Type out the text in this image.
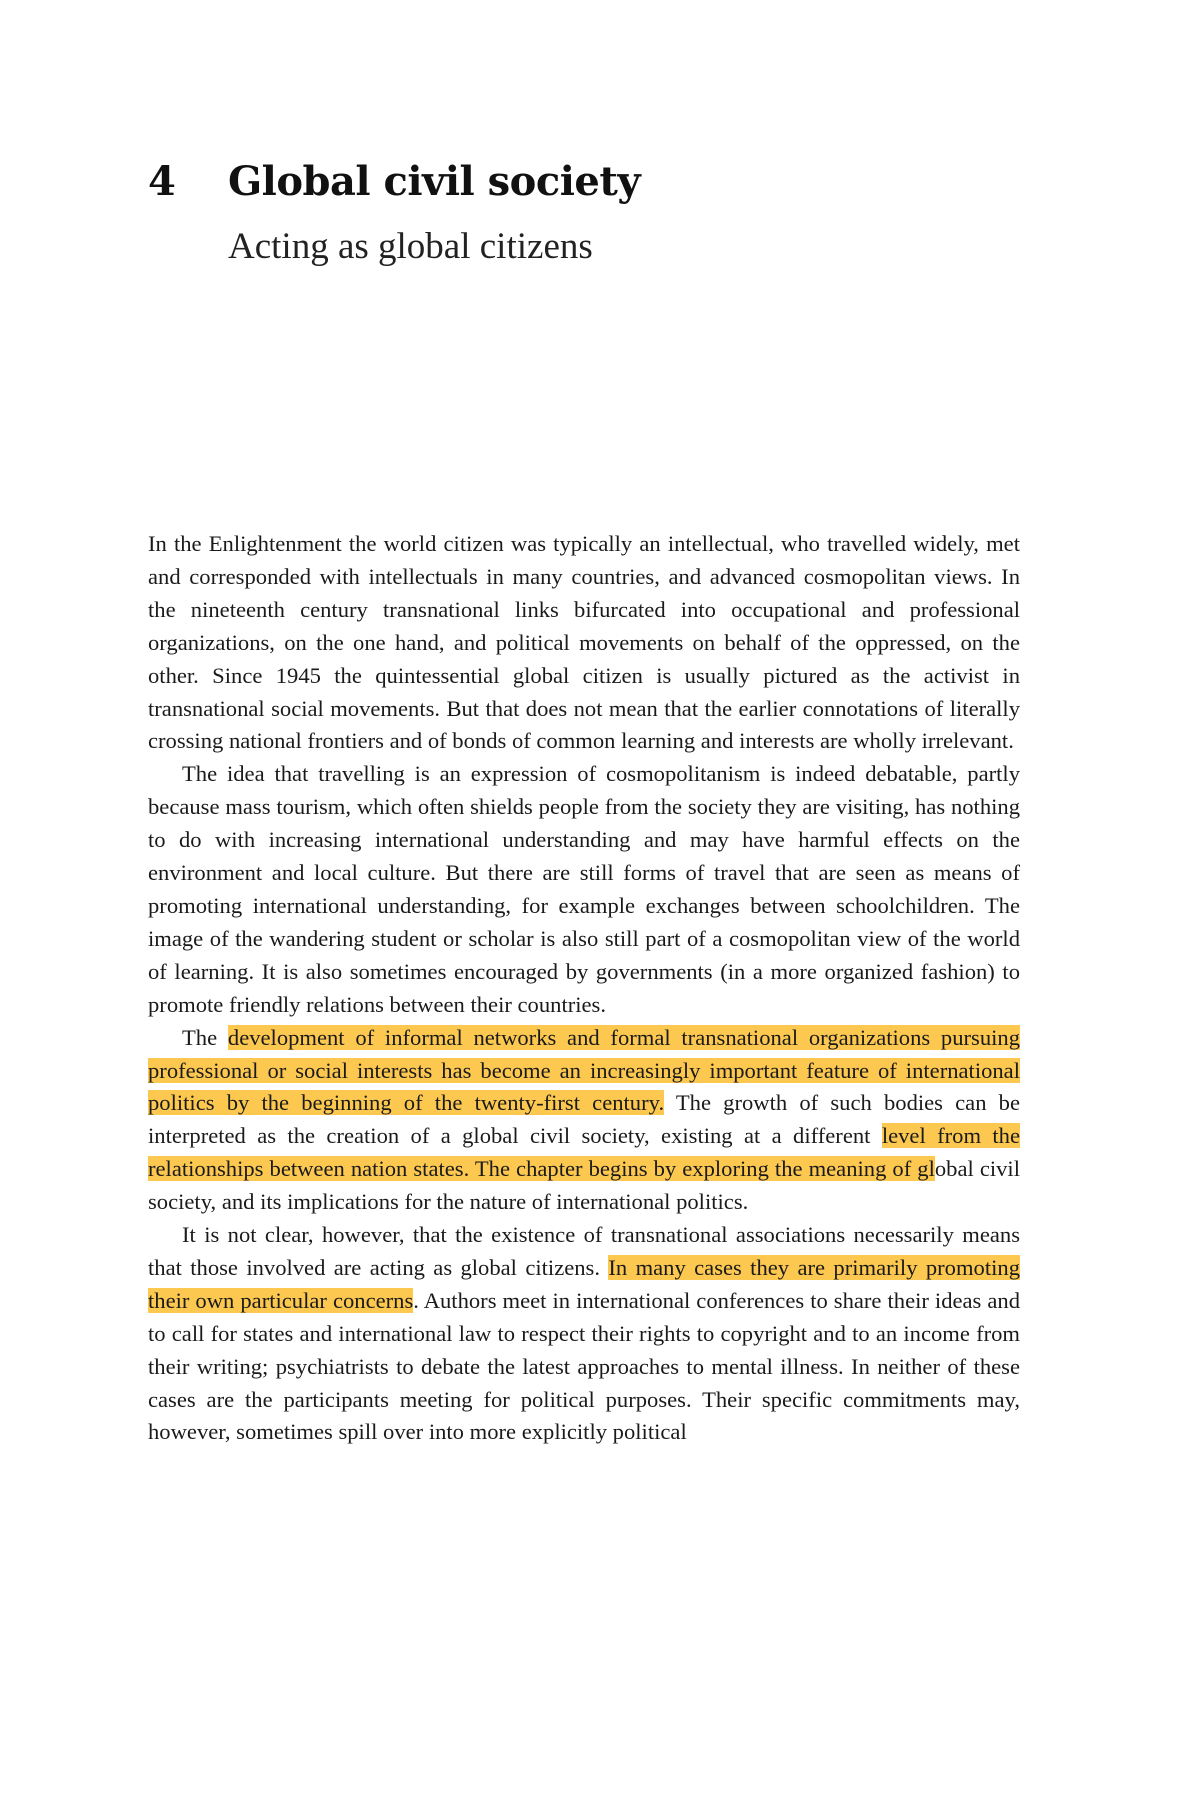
4	Global civil society
Acting as global citizens

In the Enlightenment the world citizen was typically an intellectual, who travelled widely, met and corresponded with intellectuals in many countries, and advanced cosmopolitan views. In the nineteenth century transnational links bifurcated into occupational and professional organizations, on the one hand, and political movements on behalf of the oppressed, on the other. Since 1945 the quintessential global citizen is usually pictured as the activist in transnational social movements. But that does not mean that the earlier connotations of literally crossing national frontiers and of bonds of common learning and interests are wholly irrelevant.

The idea that travelling is an expression of cosmopolitanism is indeed debatable, partly because mass tourism, which often shields people from the society they are visiting, has nothing to do with increasing international understanding and may have harmful effects on the environment and local culture. But there are still forms of travel that are seen as means of promoting international understanding, for example exchanges between schoolchildren. The image of the wandering student or scholar is also still part of a cosmopolitan view of the world of learning. It is also sometimes encouraged by governments (in a more organized fashion) to promote friendly relations between their countries.

The development of informal networks and formal transnational organizations pursuing professional or social interests has become an increasingly important feature of international politics by the beginning of the twenty-first century. The growth of such bodies can be interpreted as the creation of a global civil society, existing at a different level from the relationships between nation states. The chapter begins by exploring the meaning of global civil society, and its implications for the nature of international politics.

It is not clear, however, that the existence of transnational associations necessarily means that those involved are acting as global citizens. In many cases they are primarily promoting their own particular concerns. Authors meet in international conferences to share their ideas and to call for states and international law to respect their rights to copyright and to an income from their writing; psychiatrists to debate the latest approaches to mental illness. In neither of these cases are the participants meeting for political purposes. Their specific commitments may, however, sometimes spill over into more explicitly political
